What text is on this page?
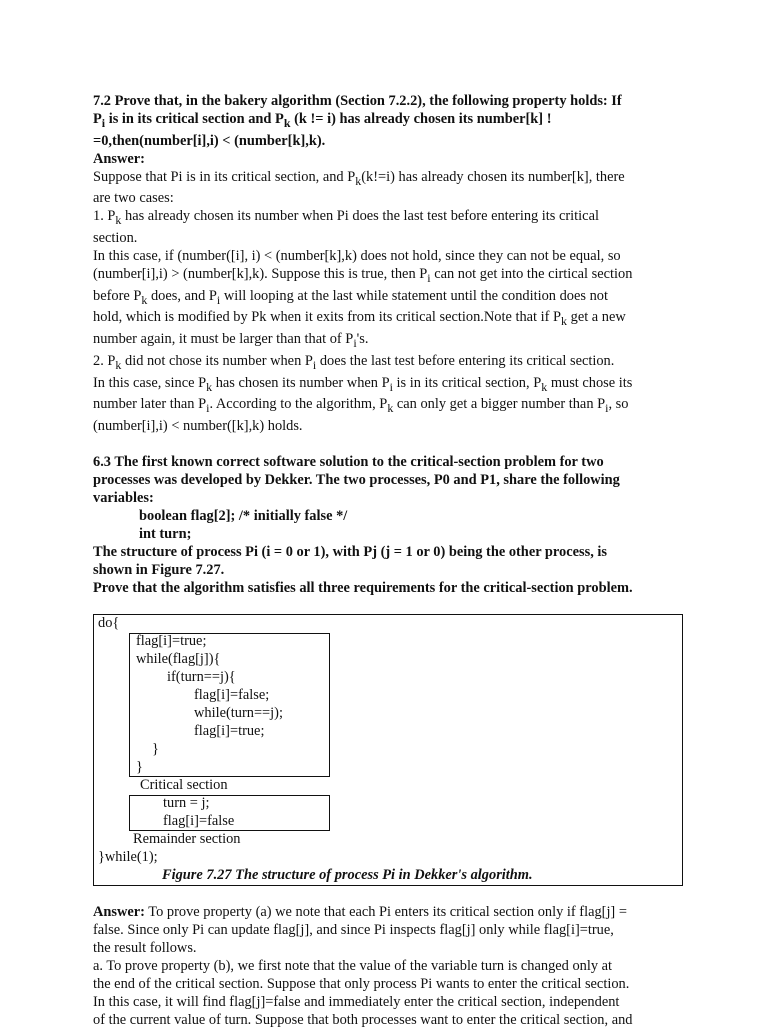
7.2 Prove that, in the bakery algorithm (Section 7.2.2), the following property holds: If

$P_i$ is in its critical section and $P_k$ (k != i) has already chosen its number[k] !

=0,then(number[i],i) < (number[k],k).

Answer:

Suppose that Pi is in its critical section, and $P_k(k!=i)$ has already chosen its number[k], there

are two cases:

1. $P_k$ has already chosen its number when Pi does the last test before entering its critical

section.

In this case, if (number([i], i) < (number[k],k) does not hold, since they can not be equal, so

(number[i],i) > (number[k],k). Suppose this is true, then $P_i$ can not get into the cirtical section

before $P_k$ does, and $P_i$ will looping at the last while statement until the condition does not

hold, which is modified by Pk when it exits from its critical section.Note that if $P_k$ get a new

number again, it must be larger than that of $P_i's$.

2. $P_k$ did not chose its number when $P_i$ does the last test before entering its critical section.

In this case, since $P_k$ has chosen its number when $P_i$ is in its critical section, $P_k$ must chose its

number later than $P_i$. According to the algorithm, $P_k$ can only get a bigger number than $P_i$, so

(number[i],i) < number([k],k) holds.

6.3 The first known correct software solution to the critical-section problem for two

processes was developed by Dekker. The two processes, P0 and P1, share the following

variables:

boolean flag[2]; /* initially false */

int turn;

The structure of process Pi (i = 0 or 1), with Pj (j = 1 or 0) being the other process, is

shown in Figure 7.27.

Prove that the algorithm satisfies all three requirements for the critical-section problem.

do{
flag[i]=true;
while(flag[j]){
if(turn==j){
flag[i]=false;
while(turn==j);
flag[i]=true;
}
}
Critical section
turn = j;
flag[i]=false
Remainder section
}while(1);
Figure 7.27 The structure of process Pi in Dekker's algorithm.

Answer: To prove property (a) we note that each Pi enters its critical section only if flag[j] =

false. Since only Pi can update flag[j], and since Pi inspects flag[j] only while flag[i]=true,

the result follows.

a. To prove property (b), we first note that the value of the variable turn is changed only at

the end of the critical section. Suppose that only process Pi wants to enter the critical section.

In this case, it will find flag[j]=false and immediately enter the critical section, independent

of the current value of turn. Suppose that both processes want to enter the critical section, and
